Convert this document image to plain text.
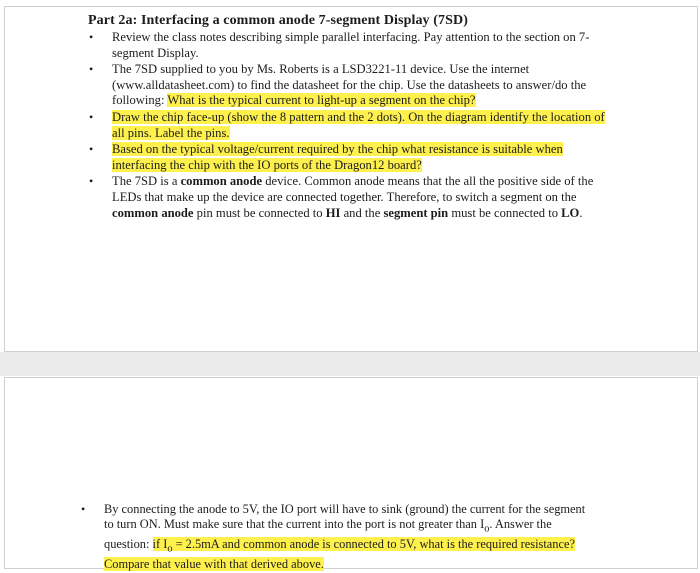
Part 2a: Interfacing a common anode 7-segment Display (7SD)
• Review the class notes describing simple parallel interfacing. Pay attention to the section on 7-segment Display.
• The 7SD supplied to you by Ms. Roberts is a LSD3221-11 device. Use the internet (www.alldatasheet.com) to find the datasheet for the chip. Use the datasheets to answer/do the following: What is the typical current to light-up a segment on the chip?
• Draw the chip face-up (show the 8 pattern and the 2 dots). On the diagram identify the location of all pins. Label the pins.
• Based on the typical voltage/current required by the chip what resistance is suitable when interfacing the chip with the IO ports of the Dragon12 board?
• The 7SD is a common anode device. Common anode means that the all the positive side of the LEDs that make up the device are connected together. Therefore, to switch a segment on the common anode pin must be connected to HI and the segment pin must be connected to LO.
• By connecting the anode to 5V, the IO port will have to sink (ground) the current for the segment to turn ON. Must make sure that the current into the port is not greater than $I_o$. Answer the question: if $I_o = 2.5mA$ and common anode is connected to 5V, what is the required resistance? Compare that value with that derived above.
